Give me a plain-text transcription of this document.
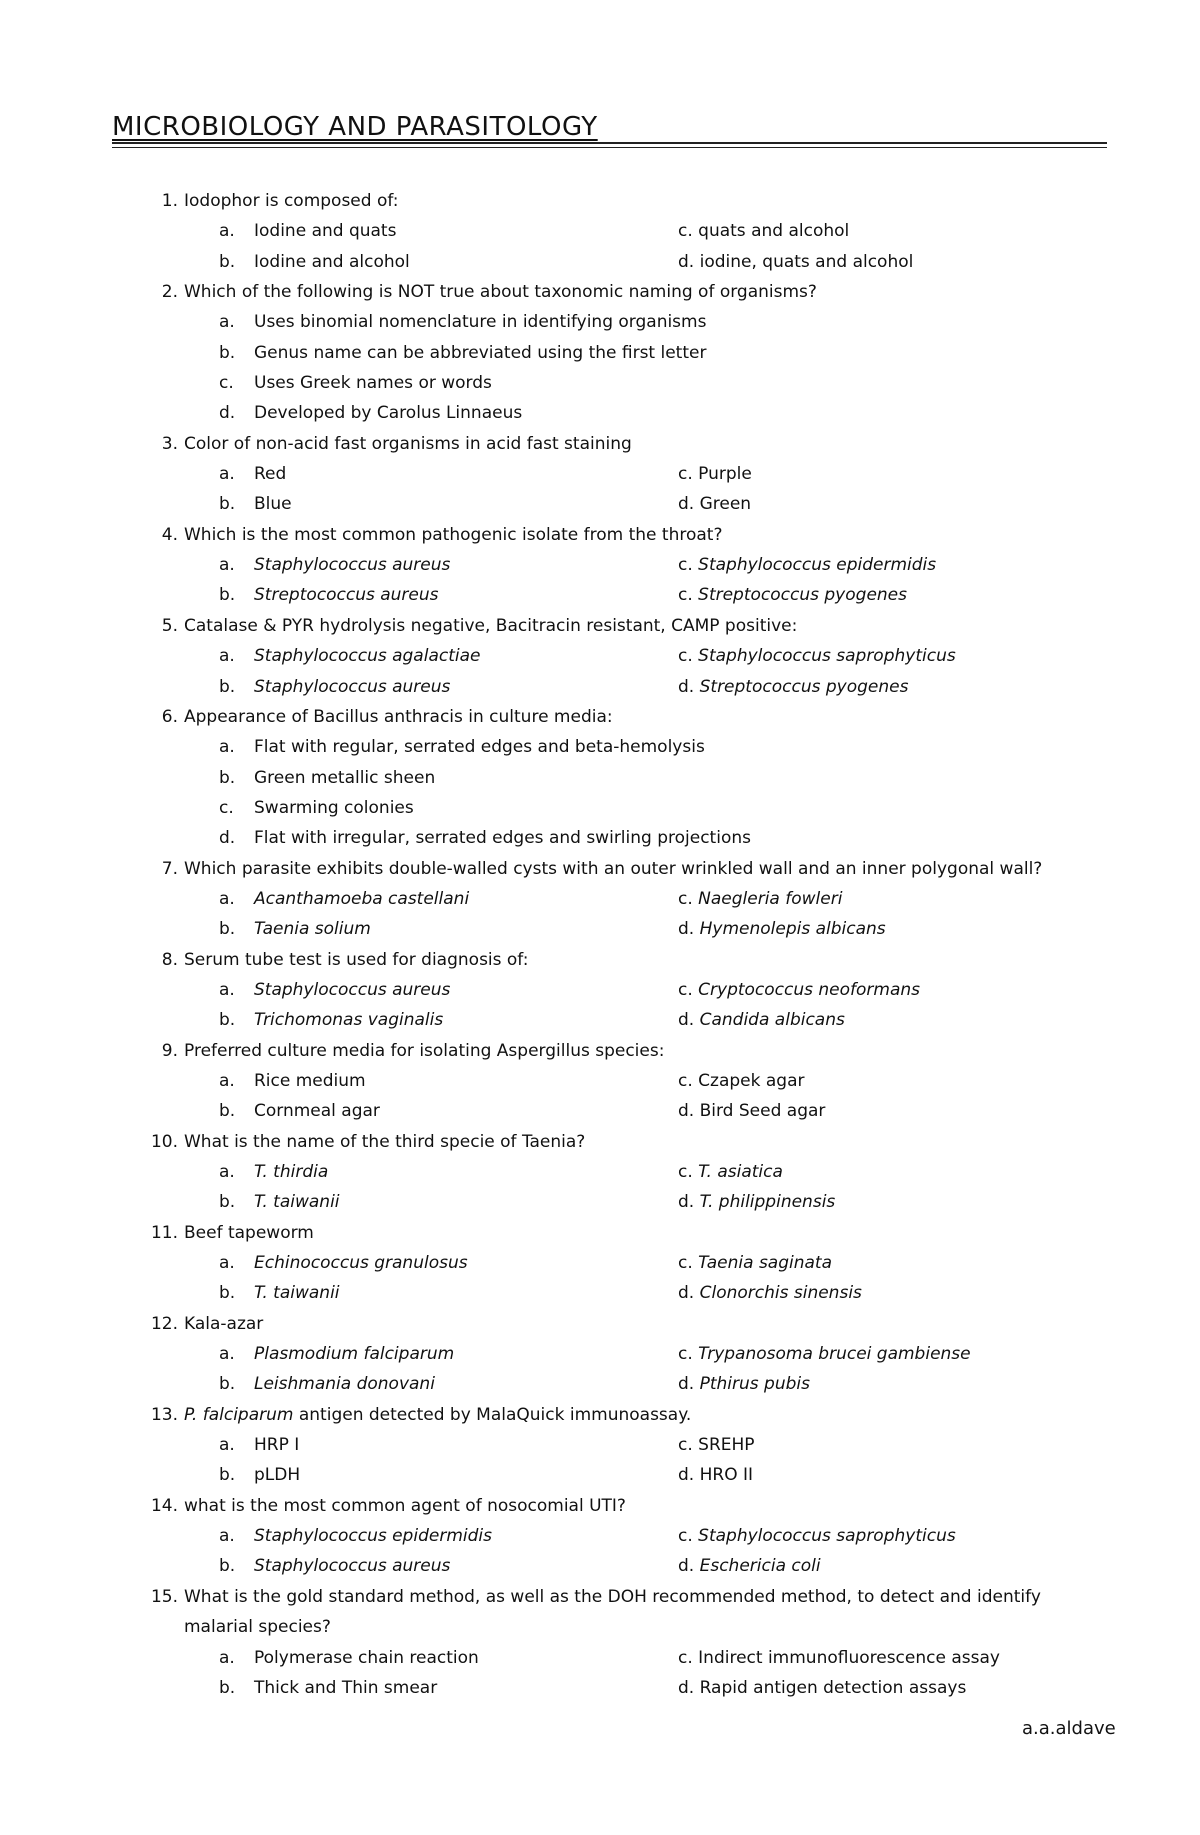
MICROBIOLOGY AND PARASITOLOGY
1. Iodophor is composed of:
a. Iodine and quats	c. quats and alcohol
b. Iodine and alcohol	d. iodine, quats and alcohol
2. Which of the following is NOT true about taxonomic naming of organisms?
a. Uses binomial nomenclature in identifying organisms
b. Genus name can be abbreviated using the first letter
c. Uses Greek names or words
d. Developed by Carolus Linnaeus
3. Color of non-acid fast organisms in acid fast staining
a. Red	c. Purple
b. Blue	d. Green
4. Which is the most common pathogenic isolate from the throat?
a. Staphylococcus aureus	c. Staphylococcus epidermidis
b. Streptococcus aureus	c. Streptococcus pyogenes
5. Catalase & PYR hydrolysis negative, Bacitracin resistant, CAMP positive:
a. Staphylococcus agalactiae	c. Staphylococcus saprophyticus
b. Staphylococcus aureus	d. Streptococcus pyogenes
6. Appearance of Bacillus anthracis in culture media:
a. Flat with regular, serrated edges and beta-hemolysis
b. Green metallic sheen
c. Swarming colonies
d. Flat with irregular, serrated edges and swirling projections
7. Which parasite exhibits double-walled cysts with an outer wrinkled wall and an inner polygonal wall?
a. Acanthamoeba castellani	c. Naegleria fowleri
b. Taenia solium	d. Hymenolepis albicans
8. Serum tube test is used for diagnosis of:
a. Staphylococcus aureus	c. Cryptococcus neoformans
b. Trichomonas vaginalis	d. Candida albicans
9. Preferred culture media for isolating Aspergillus species:
a. Rice medium	c. Czapek agar
b. Cornmeal agar	d. Bird Seed agar
10. What is the name of the third specie of Taenia?
a. T. thirdia	c. T. asiatica
b. T. taiwanii	d. T. philippinensis
11. Beef tapeworm
a. Echinococcus granulosus	c. Taenia saginata
b. T. taiwanii	d. Clonorchis sinensis
12. Kala-azar
a. Plasmodium falciparum	c. Trypanosoma brucei gambiense
b. Leishmania donovani	d. Pthirus pubis
13. P. falciparum antigen detected by MalaQuick immunoassay.
a. HRP I	c. SREHP
b. pLDH	d. HRO II
14. what is the most common agent of nosocomial UTI?
a. Staphylococcus epidermidis	c. Staphylococcus saprophyticus
b. Staphylococcus aureus	d. Eschericia coli
15. What is the gold standard method, as well as the DOH recommended method, to detect and identify malarial species?
a. Polymerase chain reaction	c. Indirect immunofluorescence assay
b. Thick and Thin smear	d. Rapid antigen detection assays
a.a.aldave
